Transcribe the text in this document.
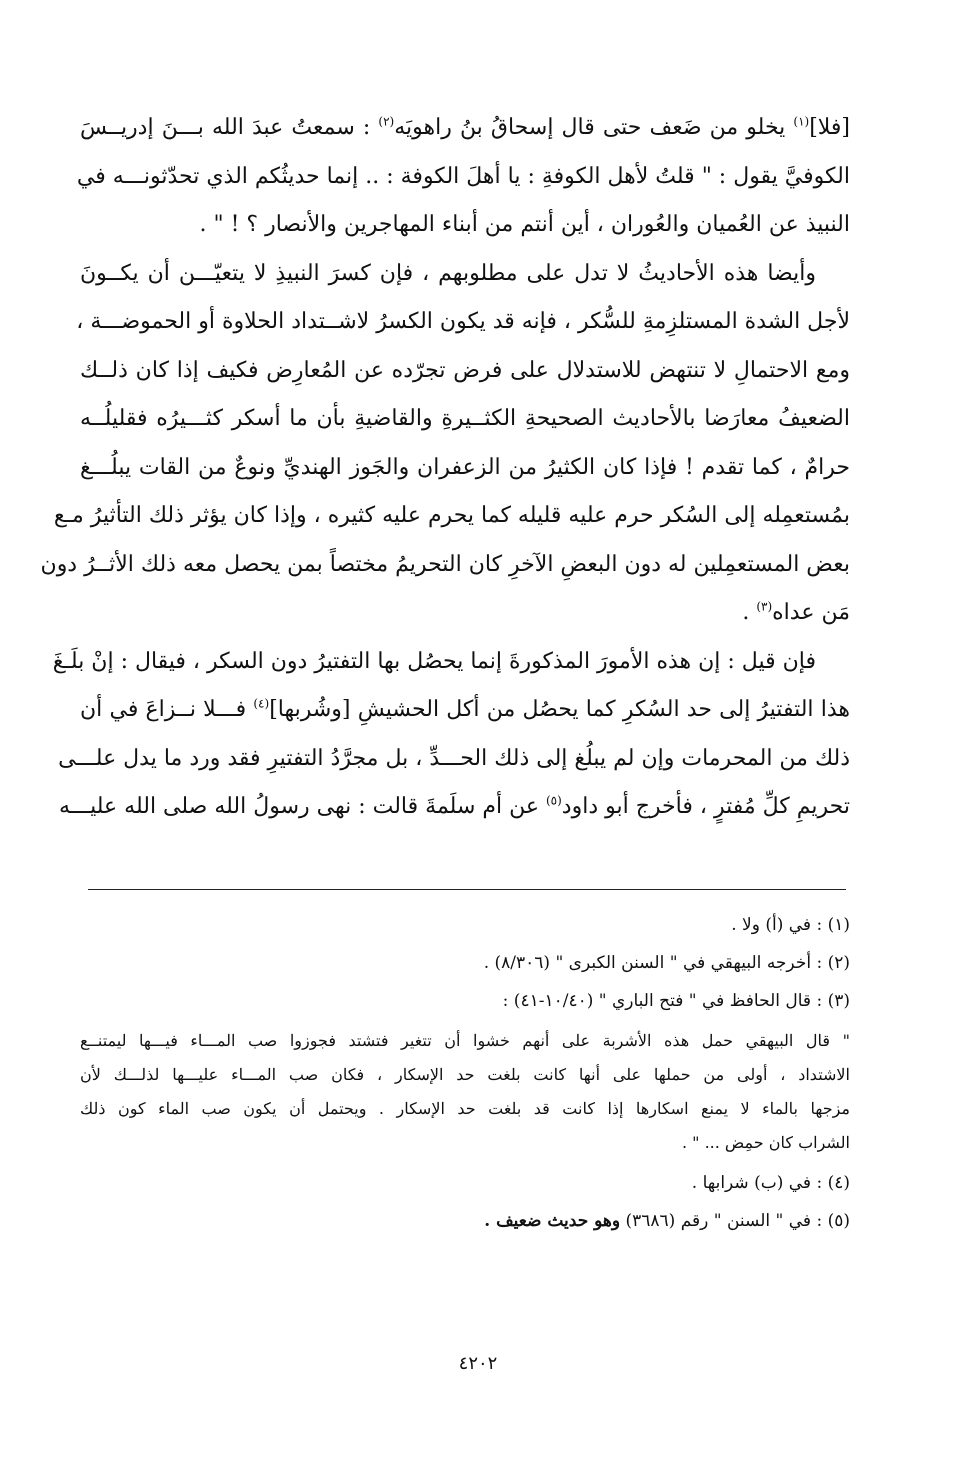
[فلا]$^{(١)}$ يخلو من ضَعف حتى قال إسحاقُ بنُ راهويَه$^{(٢)}$ : سمعتُ عبدَ الله بـــنَ إدريــسَ
الكوفيَّ يقول : " قلتُ لأهل الكوفةِ : يا أهلَ الكوفة : .. إنما حديثُكم الذي تحدّثونـــه في
النبيذ عن العُميان والعُوران ، أين أنتم من أبناء المهاجرين والأنصار ؟ ! " .
وأيضا هذه الأحاديثُ لا تدل على مطلوبهم ، فإن كسرَ النبيذِ لا يتعيّـــن أن يكــونَ
لأجل الشدة المستلزِمةِ للسُّكر ، فإنه قد يكون الكسرُ لاشــتداد الحلاوة أو الحموضـــة ،
ومع الاحتمالِ لا تنتهض للاستدلال على فرض تجرّده عن المُعارِض فكيف إذا كان ذلــك
الضعيفُ معارَضا بالأحاديث الصحيحةِ الكثــيرةِ والقاضيةِ بأن ما أسكر كثـــيرُه فقليلُــه
حرامٌ ، كما تقدم ! فإذا كان الكثيرُ من الزعفران والجَوز الهنديِّ ونوعٌ من القات يبلُـــغ
بمُستعمِله إلى السُكر حرم عليه قليله كما يحرم عليه كثيره ، وإذا كان يؤثر ذلك التأثيرُ مـع
بعض المستعمِلين له دون البعضِ الآخرِ كان التحريمُ مختصاً بمن يحصل معه ذلك الأثــرُ دون
مَن عداه$^{(٣)}$ .
فإن قيل : إن هذه الأمورَ المذكورةَ إنما يحصُل بها التفتيرُ دون السكر ، فيقال : إنْ بلَـغَ
هذا التفتيرُ إلى حد السُكرِ كما يحصُل من أكل الحشيشِ [وشُربها]$^{(٤)}$ فـــلا نــزاعَ في أن
ذلك من المحرمات وإن لم يبلُغ إلى ذلك الحـــدِّ ، بل مجرَّدُ التفتيرِ فقد ورد ما يدل علـــى
تحريمِ كلِّ مُفترٍ ، فأخرج أبو داود$^{(٥)}$ عن أم سلَمةَ قالت : نهى رسولُ الله صلى الله عليـــه

(١) : في (أ) ولا .

(٢) : أخرجه البيهقي في " السنن الكبرى " (٨/٣٠٦) .

(٣) : قال الحافظ في " فتح الباري " (١٠/٤٠-٤١) :

" قال البيهقي حمل هذه الأشربة على أنهم خشوا أن تتغير فتشتد فجوزوا صب المـــاء فيـــها ليمتنــع

الاشتداد ، أولى من حملها على أنها كانت بلغت حد الإسكار ، فكان صب المـــاء عليـــها لذلـــك لأن

مزجها بالماء لا يمنع اسكارها إذا كانت قد بلغت حد الإسكار . ويحتمل أن يكون صب الماء كون ذلك

الشراب كان حمِض ... " .

(٤) : في (ب) شرابها .

(٥) : في " السنن " رقم (٣٦٨٦) وهو حديث ضعيف .

٤٢٠٢
